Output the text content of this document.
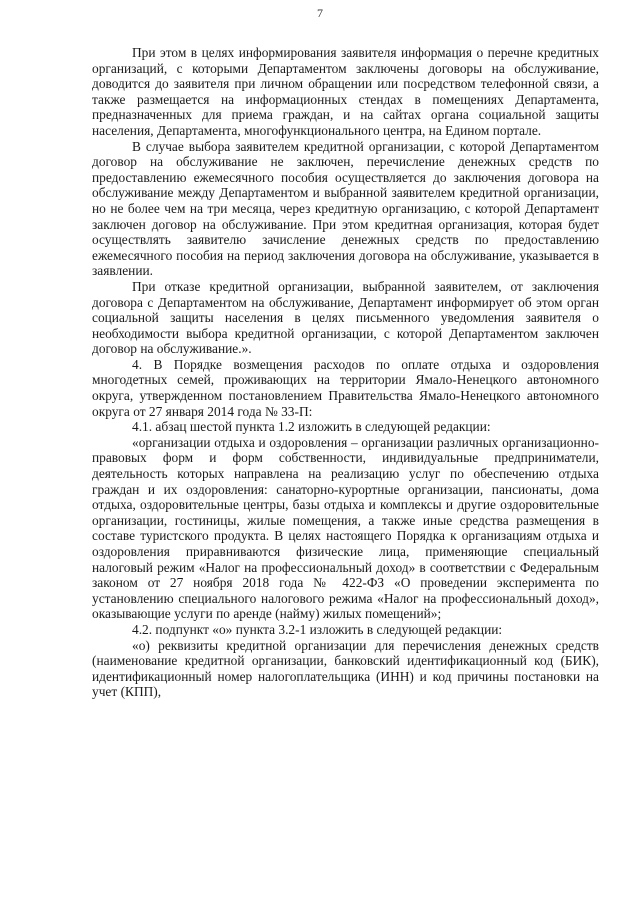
7

При этом в целях информирования заявителя информация о перечне кредитных организаций, с которыми Департаментом заключены договоры на обслуживание, доводится до заявителя при личном обращении или посредством телефонной связи, а также размещается на информационных стендах в помещениях Департамента, предназначенных для приема граждан, и на сайтах органа социальной защиты населения, Департамента, многофункционального центра, на Едином портале.

В случае выбора заявителем кредитной организации, с которой Департаментом договор на обслуживание не заключен, перечисление денежных средств по предоставлению ежемесячного пособия осуществляется до заключения договора на обслуживание между Департаментом и выбранной заявителем кредитной организации, но не более чем на три месяца, через кредитную организацию, с которой Департамент заключен договор на обслуживание. При этом кредитная организация, которая будет осуществлять заявителю зачисление денежных средств по предоставлению ежемесячного пособия на период заключения договора на обслуживание, указывается в заявлении.

При отказе кредитной организации, выбранной заявителем, от заключения договора с Департаментом на обслуживание, Департамент информирует об этом орган социальной защиты населения в целях письменного уведомления заявителя о необходимости выбора кредитной организации, с которой Департаментом заключен договор на обслуживание.».

4. В Порядке возмещения расходов по оплате отдыха и оздоровления многодетных семей, проживающих на территории Ямало-Ненецкого автономного округа, утвержденном постановлением Правительства Ямало-Ненецкого автономного округа от 27 января 2014 года № 33-П:

4.1. абзац шестой пункта 1.2 изложить в следующей редакции:

«организации отдыха и оздоровления – организации различных организационно-правовых форм и форм собственности, индивидуальные предприниматели, деятельность которых направлена на реализацию услуг по обеспечению отдыха граждан и их оздоровления: санаторно-курортные организации, пансионаты, дома отдыха, оздоровительные центры, базы отдыха и комплексы и другие оздоровительные организации, гостиницы, жилые помещения, а также иные средства размещения в составе туристского продукта. В целях настоящего Порядка к организациям отдыха и оздоровления приравниваются физические лица, применяющие специальный налоговый режим «Налог на профессиональный доход» в соответствии с Федеральным законом от 27 ноября 2018 года № 422-ФЗ «О проведении эксперимента по установлению специального налогового режима «Налог на профессиональный доход», оказывающие услуги по аренде (найму) жилых помещений»;

4.2. подпункт «о» пункта 3.2-1 изложить в следующей редакции:

«о) реквизиты кредитной организации для перечисления денежных средств (наименование кредитной организации, банковский идентификационный код (БИК), идентификационный номер налогоплательщика (ИНН) и код причины постановки на учет (КПП),
